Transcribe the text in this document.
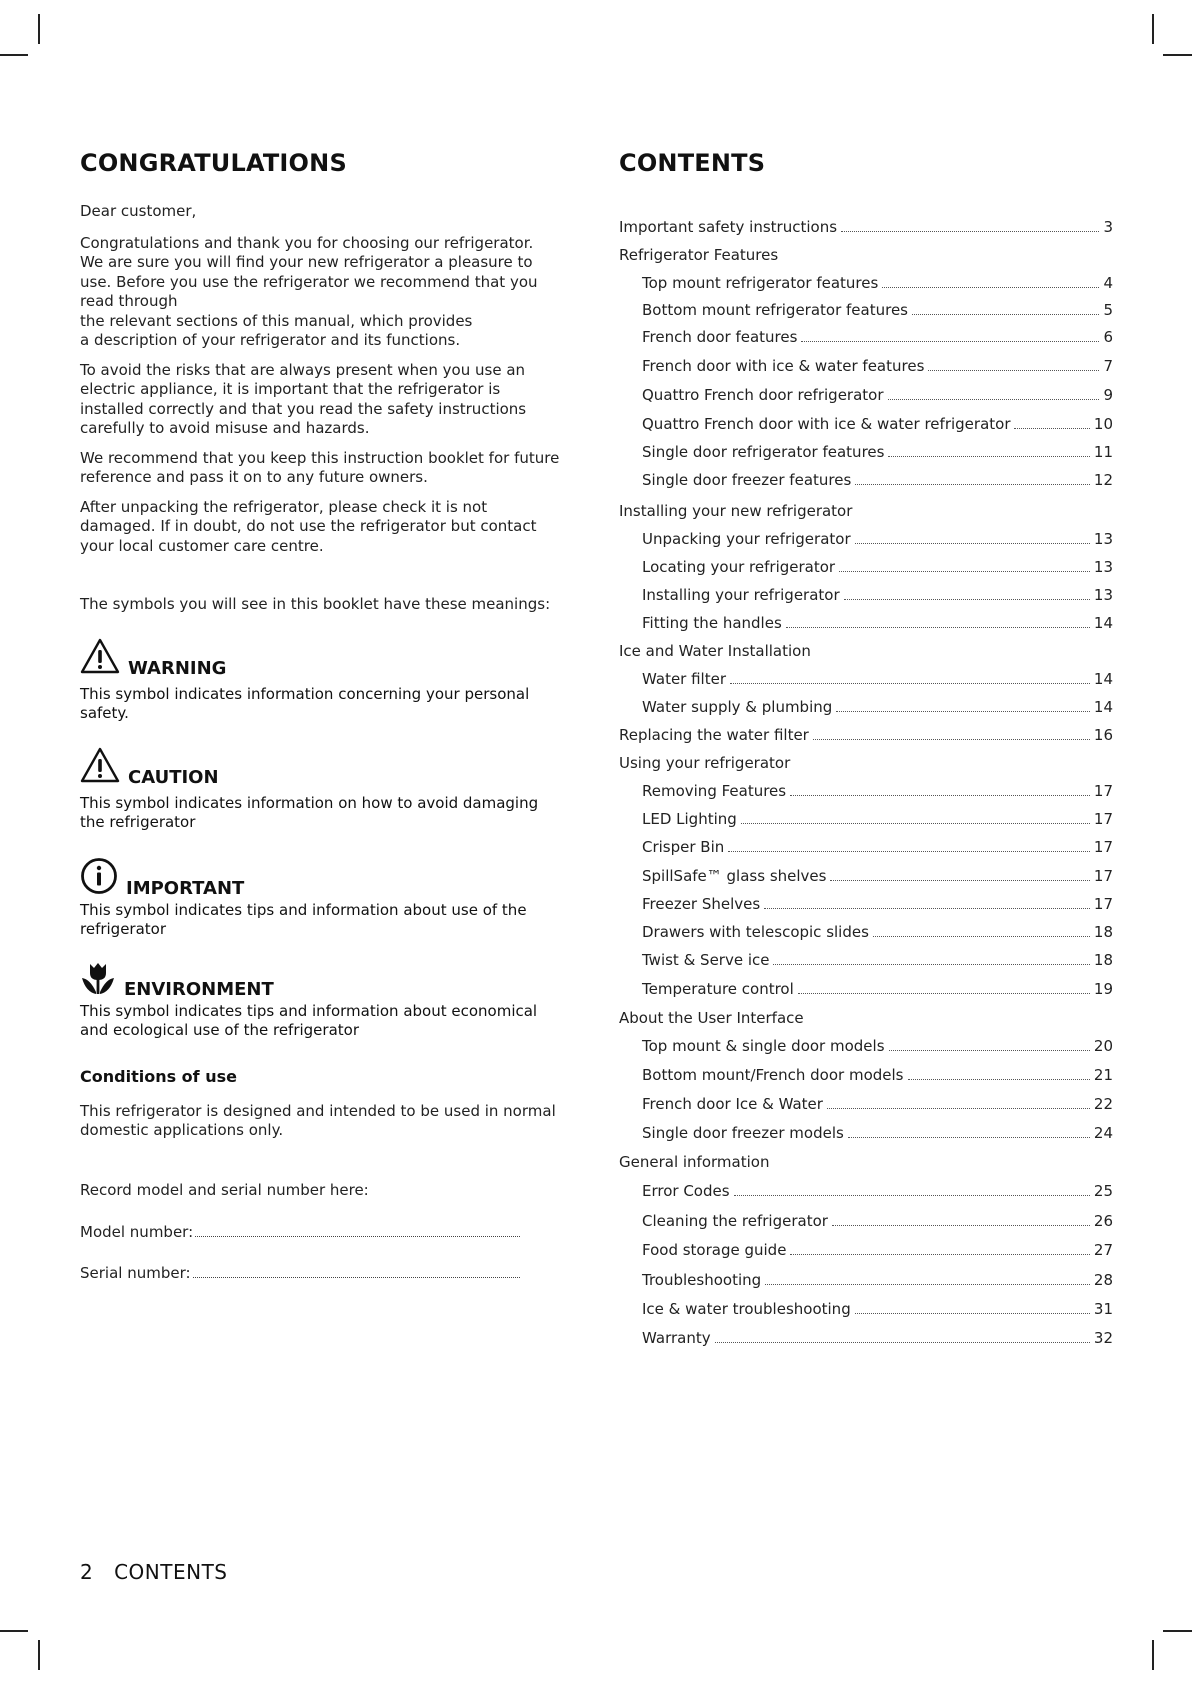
CONGRATULATIONS

Dear customer,

Congratulations and thank you for choosing our refrigerator. We are sure you will find your new refrigerator a pleasure to use. Before you use the refrigerator we recommend that you read through

the relevant sections of this manual, which provides

a description of your refrigerator and its functions.

To avoid the risks that are always present when you use an electric appliance, it is important that the refrigerator is installed correctly and that you read the safety instructions carefully to avoid misuse and hazards.

We recommend that you keep this instruction booklet for future reference and pass it on to any future owners.

After unpacking the refrigerator, please check it is not damaged. If in doubt, do not use the refrigerator but contact your local customer care centre.

The symbols you will see in this booklet have these meanings:

WARNING

This symbol indicates information concerning your personal safety.

CAUTION

This symbol indicates information on how to avoid damaging the refrigerator

IMPORTANT

This symbol indicates tips and information about use of the refrigerator

ENVIRONMENT

This symbol indicates tips and information about economical and ecological use of the refrigerator

Conditions of use

This refrigerator is designed and intended to be used in normal domestic applications only.

Record model and serial number here:

Model number:
Serial number:
CONTENTS
Important safety instructions	3
Refrigerator Features
Top mount refrigerator features	4
Bottom mount refrigerator features	5
French door features	6
French door with ice & water features	7
Quattro French door refrigerator	9
Quattro French door with ice & water refrigerator	10
Single door refrigerator features	11
Single door freezer features	12
Installing your new refrigerator
Unpacking your refrigerator	13
Locating your refrigerator	13
Installing your refrigerator	13
Fitting the handles	14
Ice and Water Installation
Water filter	14
Water supply & plumbing	14
Replacing the water filter	16
Using your refrigerator
Removing Features	17
LED Lighting	17
Crisper Bin	17
SpillSafe™ glass shelves	17
Freezer Shelves	17
Drawers with telescopic slides	18
Twist & Serve ice	18
Temperature control	19
About the User Interface
Top mount & single door models	20
Bottom mount/French door models	21
French door Ice & Water	22
Single door freezer models	24
General information
Error Codes	25
Cleaning the refrigerator	26
Food storage guide	27
Troubleshooting	28
Ice & water troubleshooting	31
Warranty	32
2 CONTENTS
